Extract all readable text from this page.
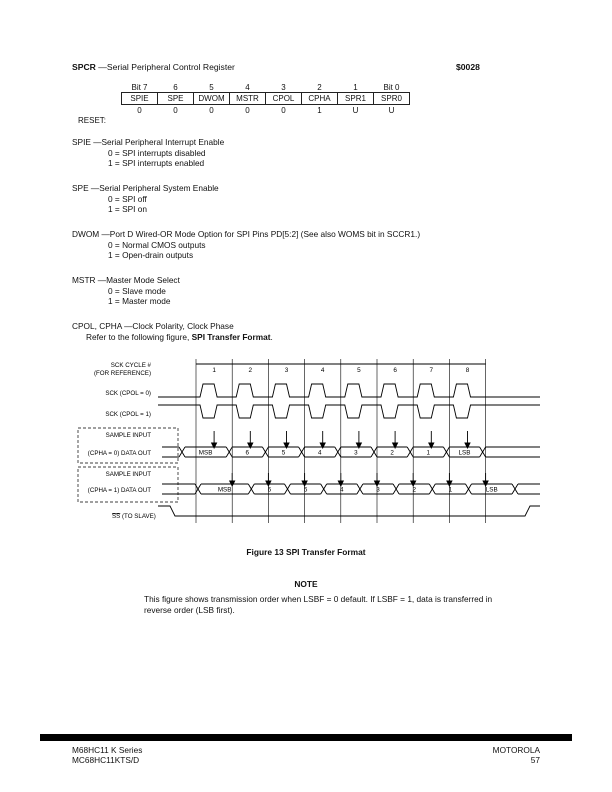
SPCR —Serial Peripheral Control Register	$0028
Bit 7	6	5	4	3	2	1	Bit 0
SPIE	SPE	DWOM	MSTR	CPOL	CPHA	SPR1	SPR0
0	0	0	0	0	1	U	U
RESET:
SPIE —Serial Peripheral Interrupt Enable
0 = SPI interrupts disabled
1 = SPI interrupts enabled
SPE —Serial Peripheral System Enable
0 = SPI off
1 = SPI on
DWOM —Port D Wired-OR Mode Option for SPI Pins PD[5:2] (See also WOMS bit in SCCR1.)
0 = Normal CMOS outputs
1 = Open-drain outputs
MSTR —Master Mode Select
0 = Slave mode
1 = Master mode
CPOL, CPHA —Clock Polarity, Clock Phase
Refer to the following figure, SPI Transfer Format.
1	2	3	4	5	6	7	8
MSB	6	5	4	3	2	1	LSB
MSB	6	5	4	3	2	1	LSB
SCK CYCLE #
(FOR REFERENCE)
SCK (CPOL = 0)
SCK (CPOL = 1)
SAMPLE INPUT
(CPHA = 0) DATA OUT
SAMPLE INPUT
(CPHA = 1) DATA OUT
SS (TO SLAVE)
Figure 13 SPI Transfer Format
NOTE
This figure shows transmission order when LSBF = 0 default. If LSBF = 1, data is transferred in reverse order (LSB first).
M68HC11 K Series
MC68HC11KTS/D
MOTOROLA
57
